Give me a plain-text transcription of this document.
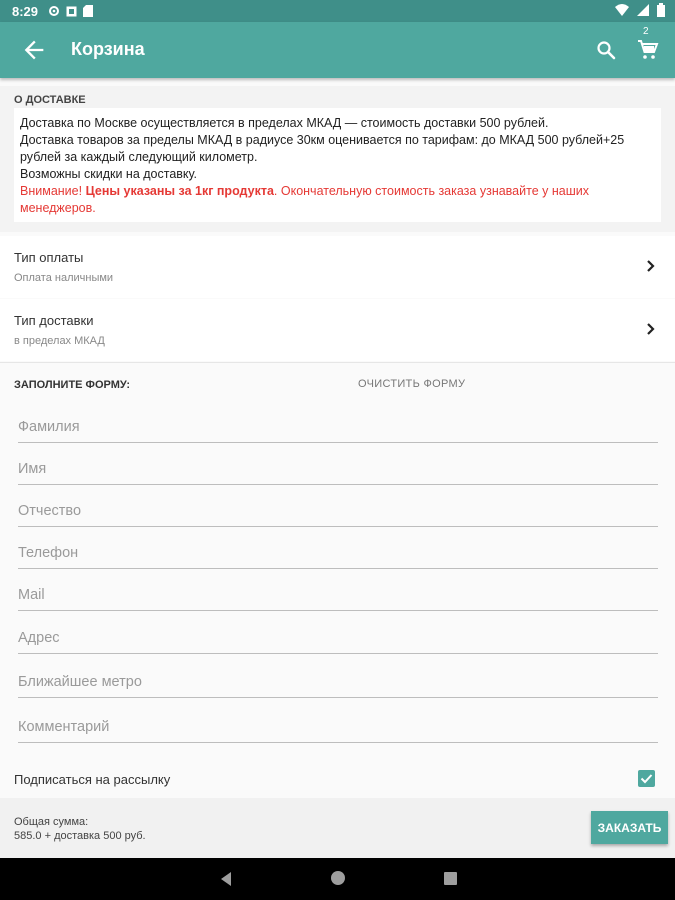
8:29
Корзина
2
О ДОСТАВКЕ

Доставка по Москве осуществляется в пределах МКАД — стоимость доставки 500 рублей.

Доставка товаров за пределы МКАД в радиусе 30км оценивается по тарифам: до МКАД 500 рублей+25 рублей за каждый следующий километр.

Возможны скидки на доставку.

Внимание! Цены указаны за 1кг продукта. Окончательную стоимость заказа узнавайте у наших менеджеров.

Тип оплаты
Оплата наличными
Тип доставки
в пределах МКАД
ЗАПОЛНИТЕ ФОРМУ:	ОЧИСТИТЬ ФОРМУ
Фамилия
Имя
Отчество
Телефон
Mail
Адрес
Ближайшее метро
Комментарий
Подписаться на рассылку
Общая сумма:
585.0 + доставка 500 руб.
ЗАКАЗАТЬ
